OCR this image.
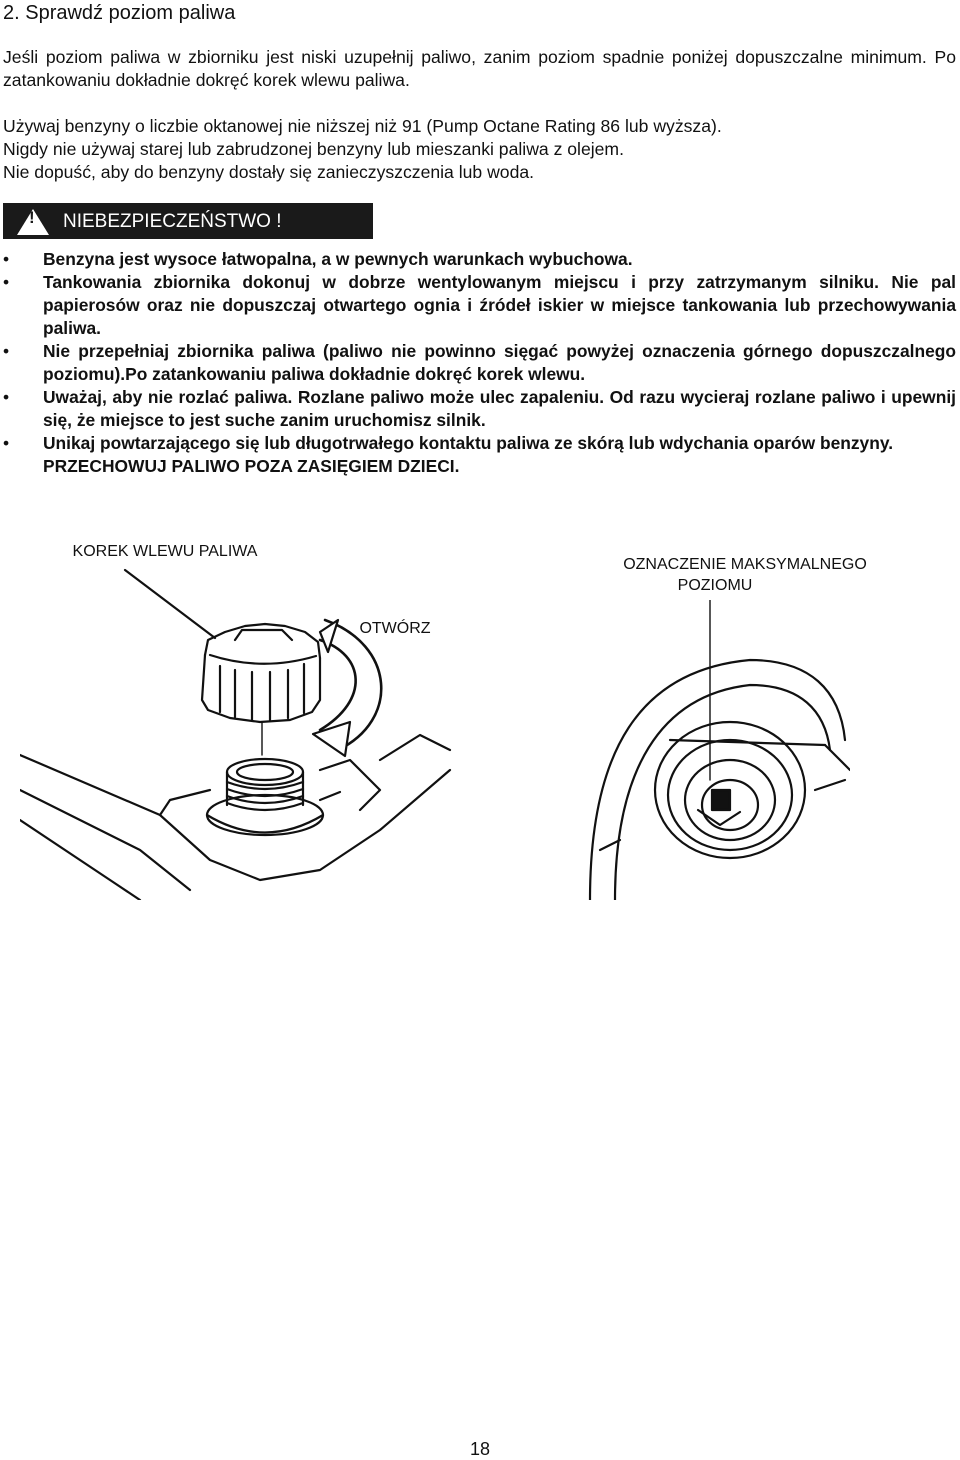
2. Sprawdź poziom paliwa
Jeśli poziom paliwa w zbiorniku jest niski uzupełnij paliwo, zanim poziom spadnie poniżej dopuszczalne minimum. Po zatankowaniu dokładnie dokręć korek wlewu paliwa.
Używaj benzyny o liczbie oktanowej nie niższej niż 91 (Pump Octane Rating 86 lub wyższa).
Nigdy nie używaj starej lub zabrudzonej benzyny lub mieszanki paliwa z olejem.
Nie dopuść, aby do benzyny dostały się zanieczyszczenia lub woda.
! NIEBEZPIECZEŃSTWO !
• Benzyna jest wysoce łatwopalna, a w pewnych warunkach wybuchowa.
• Tankowania zbiornika dokonuj w dobrze wentylowanym miejscu i przy zatrzymanym silniku. Nie pal papierosów oraz nie dopuszczaj otwartego ognia i źródeł iskier w miejsce tankowania lub przechowywania paliwa.
• Nie przepełniaj zbiornika paliwa (paliwo nie powinno sięgać powyżej oznaczenia górnego dopuszczalnego poziomu).Po zatankowaniu paliwa dokładnie dokręć korek wlewu.
• Uważaj, aby nie rozlać paliwa. Rozlane paliwo może ulec zapaleniu. Od razu wycieraj rozlane paliwo i upewnij się, że miejsce to jest suche zanim uruchomisz silnik.
• Unikaj powtarzającego się lub długotrwałego kontaktu paliwa ze skórą lub wdychania oparów benzyny.
PRZECHOWUJ PALIWO POZA ZASIĘGIEM DZIECI.
KOREK WLEWU PALIWA
OTWÓRZ
OZNACZENIE MAKSYMALNEGO
POZIOMU
18
